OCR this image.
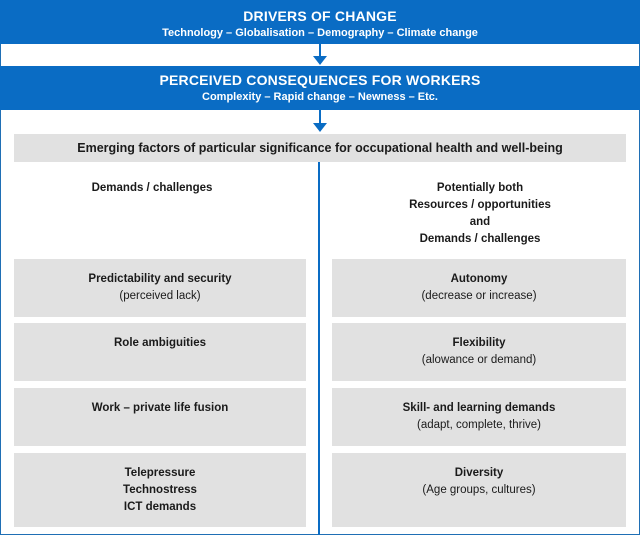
DRIVERS OF CHANGE
Technology – Globalisation – Demography – Climate change
PERCEIVED CONSEQUENCES FOR WORKERS
Complexity – Rapid change – Newness – Etc.
Emerging factors of particular significance for occupational health and well-being
Demands / challenges	Potentially both
Resources / opportunities
and
Demands / challenges
Predictability and security
(perceived lack)
Role ambiguities
Work – private life fusion
Telepressure
Technostress
ICT demands
Autonomy
(decrease or increase)
Flexibility
(alowance or demand)
Skill- and learning demands
(adapt, complete, thrive)
Diversity
(Age groups, cultures)
